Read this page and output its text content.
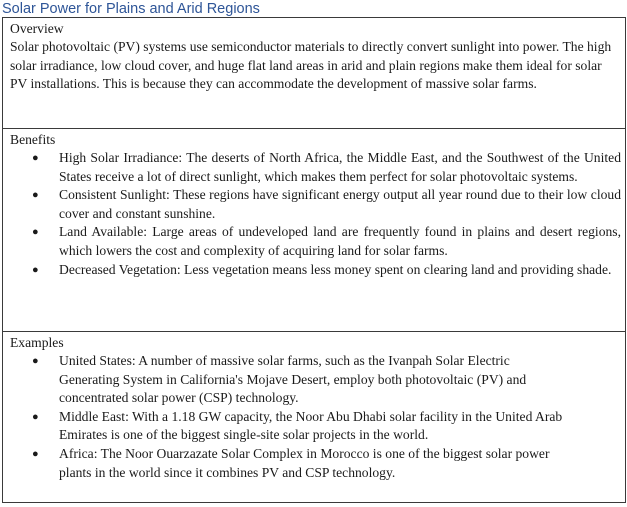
Solar Power for Plains and Arid Regions
Overview

Solar photovoltaic (PV) systems use semiconductor materials to directly convert sunlight into power. The high solar irradiance, low cloud cover, and huge flat land areas in arid and plain regions make them ideal for solar PV installations. This is because they can accommodate the development of massive solar farms.

Benefits
● High Solar Irradiance: The deserts of North Africa, the Middle East, and the Southwest of the United States receive a lot of direct sunlight, which makes them perfect for solar photovoltaic systems.
● Consistent Sunlight: These regions have significant energy output all year round due to their low cloud cover and constant sunshine.
● Land Available: Large areas of undeveloped land are frequently found in plains and desert regions, which lowers the cost and complexity of acquiring land for solar farms.
● Decreased Vegetation: Less vegetation means less money spent on clearing land and providing shade.

Examples
● United States: A number of massive solar farms, such as the Ivanpah Solar Electric Generating System in California's Mojave Desert, employ both photovoltaic (PV) and concentrated solar power (CSP) technology.
● Middle East: With a 1.18 GW capacity, the Noor Abu Dhabi solar facility in the United Arab Emirates is one of the biggest single-site solar projects in the world.
● Africa: The Noor Ouarzazate Solar Complex in Morocco is one of the biggest solar power plants in the world since it combines PV and CSP technology.
